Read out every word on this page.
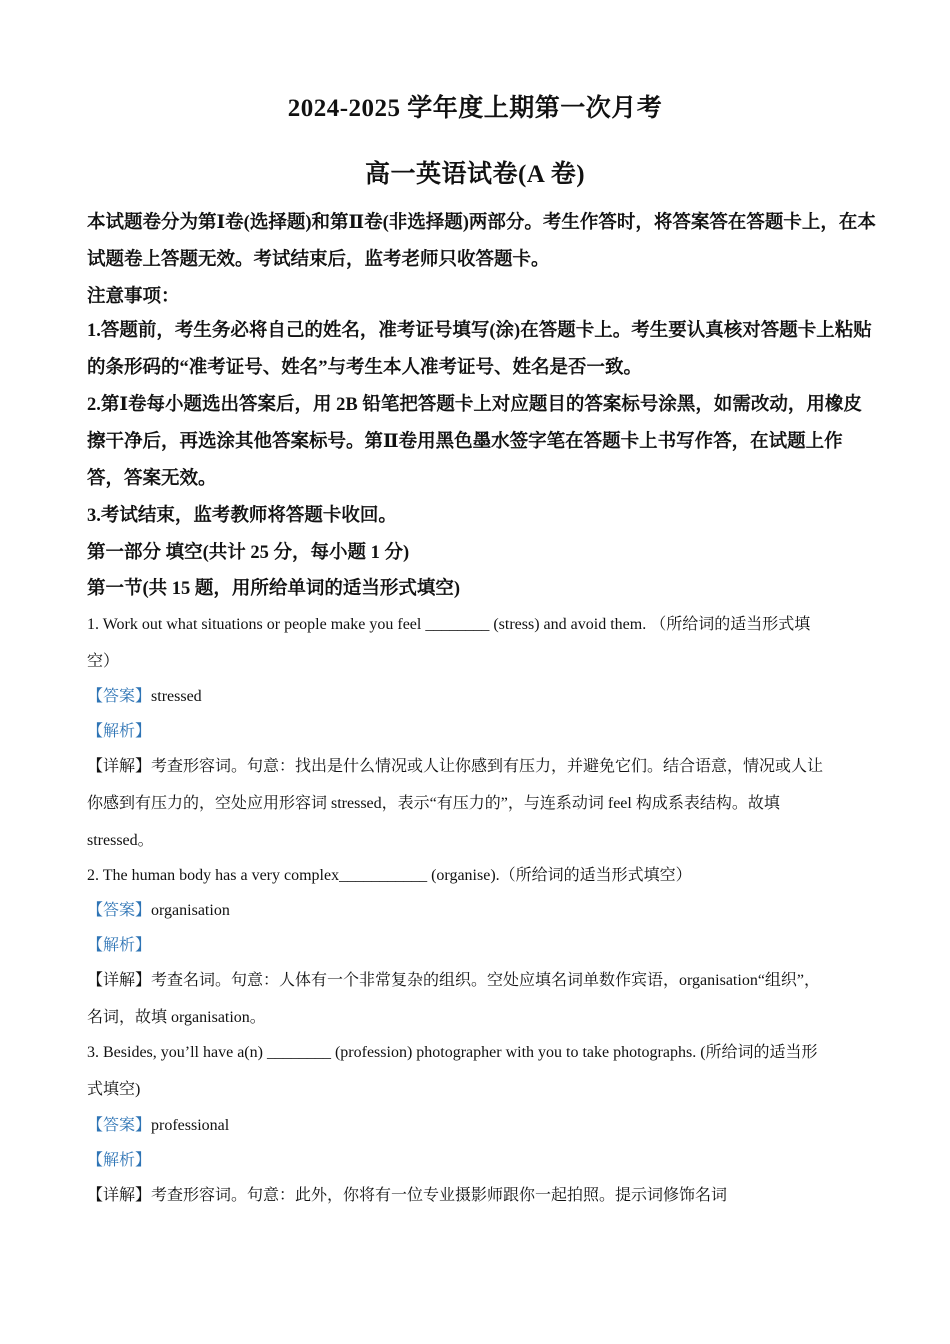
2024-2025 学年度上期第一次月考
高一英语试卷(A 卷)
本试题卷分为第Ⅰ卷(选择题)和第Ⅱ卷(非选择题)两部分。考生作答时，将答案答在答题卡上，在本试题卷上答题无效。考试结束后，监考老师只收答题卡。
注意事项：
1.答题前，考生务必将自己的姓名，准考证号填写(涂)在答题卡上。考生要认真核对答题卡上粘贴的条形码的“准考证号、姓名”与考生本人准考证号、姓名是否一致。
2.第Ⅰ卷每小题选出答案后，用 2B 铅笔把答题卡上对应题目的答案标号涂黑，如需改动，用橡皮擦干净后，再选涂其他答案标号。第Ⅱ卷用黑色墨水签字笔在答题卡上书写作答，在试题上作答，答案无效。
3.考试结束，监考教师将答题卡收回。
第一部分 填空(共计 25 分，每小题 1 分)
第一节(共 15 题，用所给单词的适当形式填空)
1. Work out what situations or people make you feel ________ (stress) and avoid them. （所给词的适当形式填
空）
【答案】stressed
【解析】
【详解】考查形容词。句意：找出是什么情况或人让你感到有压力，并避免它们。结合语意，情况或人让
你感到有压力的，空处应用形容词 stressed，表示“有压力的”，与连系动词 feel 构成系表结构。故填
stressed。
2. The human body has a very complex___________ (organise).（所给词的适当形式填空）
【答案】organisation
【解析】
【详解】考查名词。句意：人体有一个非常复杂的组织。空处应填名词单数作宾语，organisation“组织”，
名词，故填 organisation。
3. Besides, you’ll have a(n) ________ (profession) photographer with you to take photographs. (所给词的适当形
式填空)
【答案】professional
【解析】
【详解】考查形容词。句意：此外，你将有一位专业摄影师跟你一起拍照。提示词修饰名词
